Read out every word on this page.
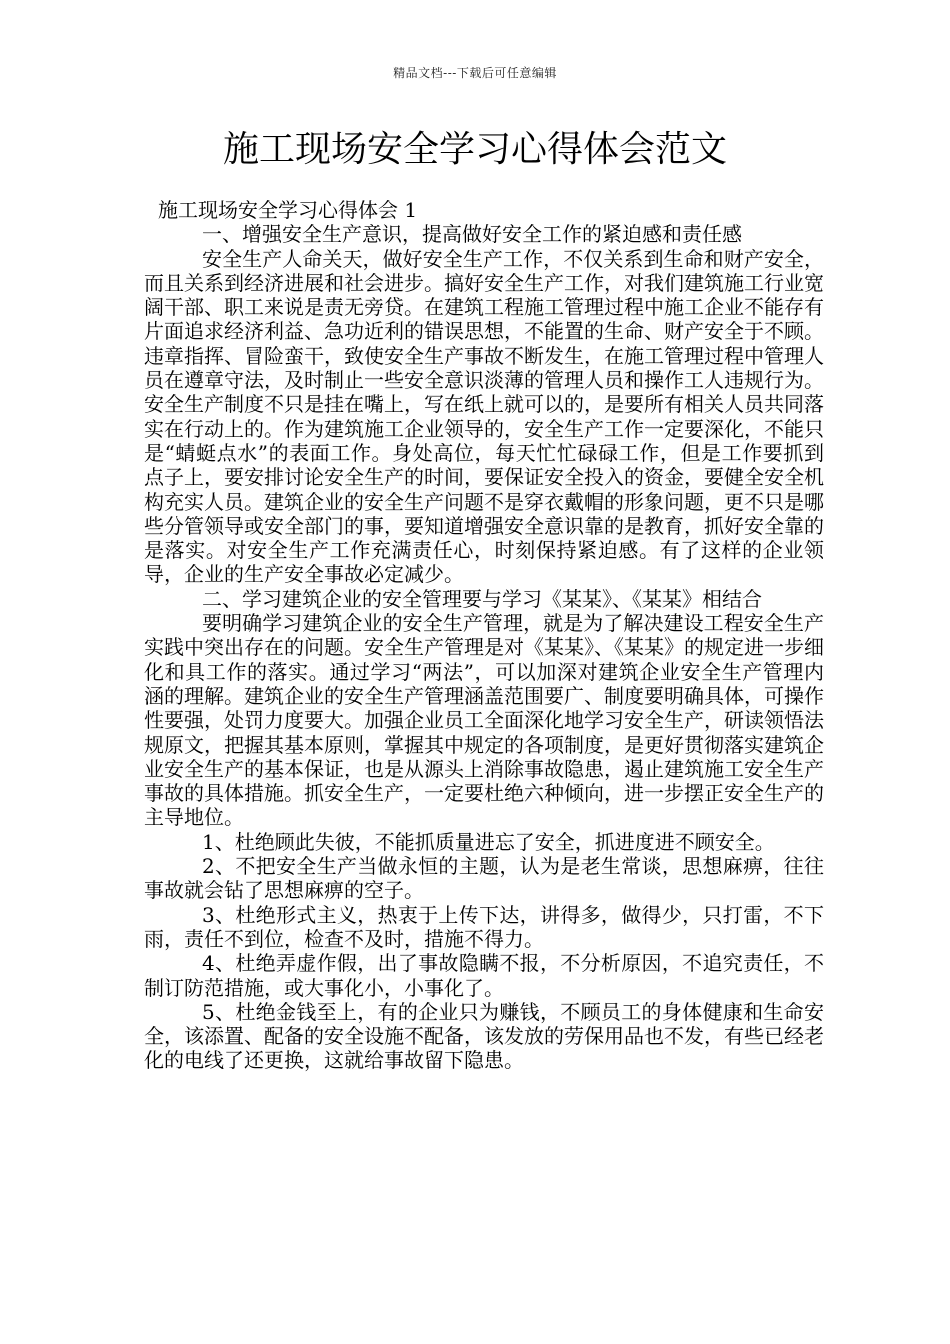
精品文档---下载后可任意编辑
施工现场安全学习心得体会范文

施工现场安全学习心得体会 1

一、增强安全生产意识，提高做好安全工作的紧迫感和责任感

安全生产人命关天，做好安全生产工作，不仅关系到生命和财产安全，而且关系到经济进展和社会进步。搞好安全生产工作，对我们建筑施工行业宽阔干部、职工来说是责无旁贷。在建筑工程施工管理过程中施工企业不能存有片面追求经济利益、急功近利的错误思想，不能置的生命、财产安全于不顾。违章指挥、冒险蛮干，致使安全生产事故不断发生，在施工管理过程中管理人员在遵章守法，及时制止一些安全意识淡薄的管理人员和操作工人违规行为。安全生产制度不只是挂在嘴上，写在纸上就可以的，是要所有相关人员共同落实在行动上的。作为建筑施工企业领导的，安全生产工作一定要深化，不能只是“蜻蜓点水”的表面工作。身处高位，每天忙忙碌碌工作，但是工作要抓到点子上，要安排讨论安全生产的时间，要保证安全投入的资金，要健全安全机构充实人员。建筑企业的安全生产问题不是穿衣戴帽的形象问题，更不只是哪些分管领导或安全部门的事，要知道增强安全意识靠的是教育，抓好安全靠的是落实。对安全生产工作充满责任心，时刻保持紧迫感。有了这样的企业领导，企业的生产安全事故必定减少。

二、学习建筑企业的安全管理要与学习《某某》、《某某》相结合

要明确学习建筑企业的安全生产管理，就是为了解决建设工程安全生产实践中突出存在的问题。安全生产管理是对《某某》、《某某》的规定进一步细化和具工作的落实。通过学习“两法”，可以加深对建筑企业安全生产管理内涵的理解。建筑企业的安全生产管理涵盖范围要广、制度要明确具体，可操作性要强，处罚力度要大。加强企业员工全面深化地学习安全生产，研读领悟法规原文，把握其基本原则，掌握其中规定的各项制度，是更好贯彻落实建筑企业安全生产的基本保证，也是从源头上消除事故隐患，遏止建筑施工安全生产事故的具体措施。抓安全生产，一定要杜绝六种倾向，进一步摆正安全生产的主导地位。

1、杜绝顾此失彼，不能抓质量进忘了安全，抓进度进不顾安全。

2、不把安全生产当做永恒的主题，认为是老生常谈，思想麻痹，往往事故就会钻了思想麻痹的空子。

3、杜绝形式主义，热衷于上传下达，讲得多，做得少，只打雷，不下雨，责任不到位，检查不及时，措施不得力。

4、杜绝弄虚作假，出了事故隐瞒不报，不分析原因，不追究责任，不制订防范措施，或大事化小，小事化了。

5、杜绝金钱至上，有的企业只为赚钱，不顾员工的身体健康和生命安全，该添置、配备的安全设施不配备，该发放的劳保用品也不发，有些已经老化的电线了还更换，这就给事故留下隐患。
